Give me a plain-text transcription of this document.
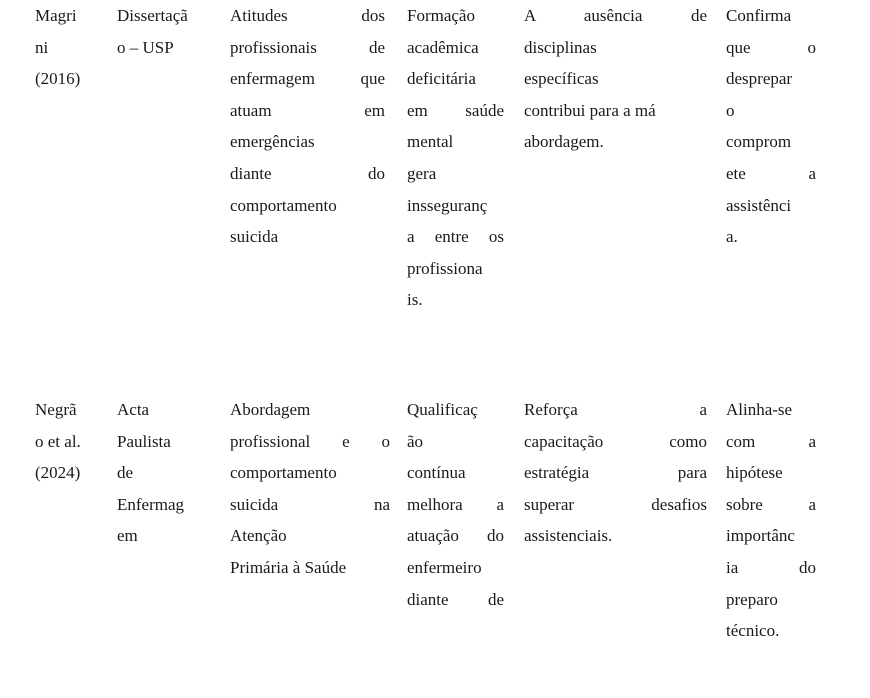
Magri
ni
(2016)
Dissertaçã
o – USP
Atitudes dos
profissionais de
enfermagem que
atuam em
emergências
diante do
comportamento
suicida
Formação
acadêmica
deficitária
em saúde
mental
gera
insseguranç
a entre os
profissiona
is.
A ausência de
disciplinas
específicas
contribui para a má
abordagem.
Confirma
que o
desprepar
o
comprom
ete a
assistênci
a.
Negrã
o et al.
(2024)
Acta
Paulista
de
Enfermag
em
Abordagem
profissional e o
comportamento
suicida na
Atenção
Primária à Saúde
Qualificaç
ão
contínua
melhora a
atuação do
enfermeiro
diante de
Reforça a
capacitação como
estratégia para
superar desafios
assistenciais.
Alinha-se
com a
hipótese
sobre a
importânc
ia do
preparo
técnico.
